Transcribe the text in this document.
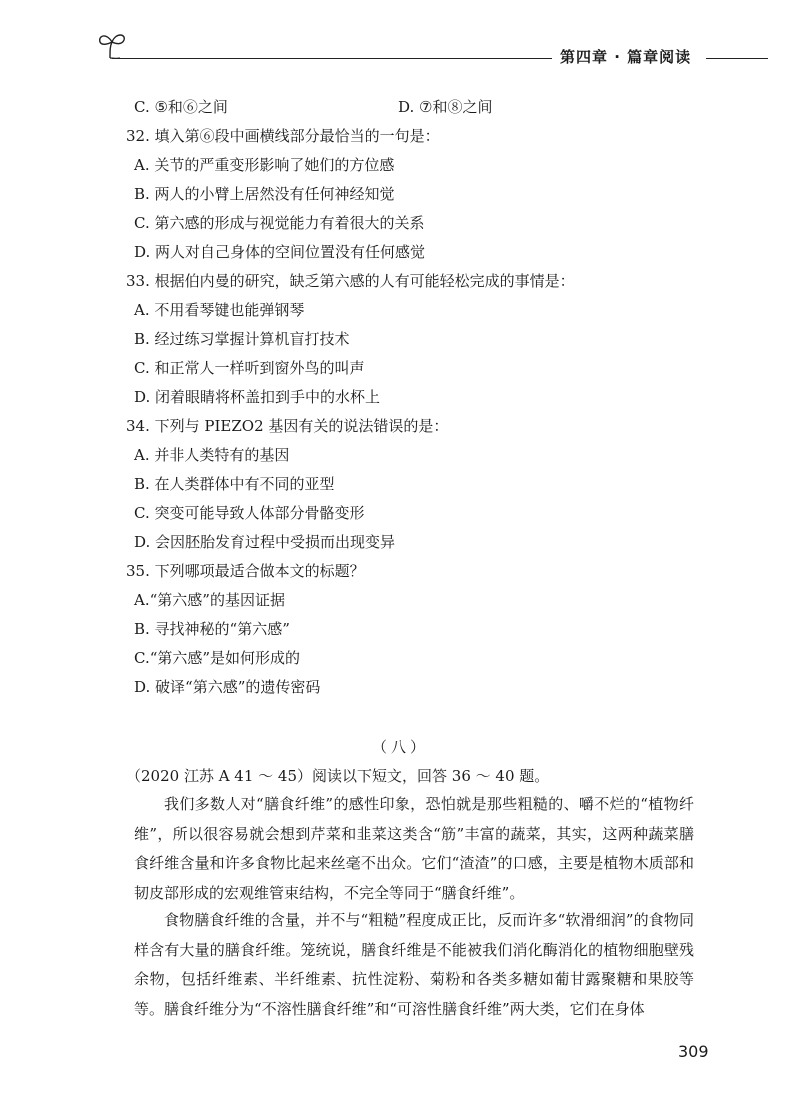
第四章 · 篇章阅读
C. ⑤和⑥之间	D. ⑦和⑧之间
32. 填入第⑥段中画横线部分最恰当的一句是：
A. 关节的严重变形影响了她们的方位感
B. 两人的小臂上居然没有任何神经知觉
C. 第六感的形成与视觉能力有着很大的关系
D. 两人对自己身体的空间位置没有任何感觉
33. 根据伯内曼的研究，缺乏第六感的人有可能轻松完成的事情是：
A. 不用看琴键也能弹钢琴
B. 经过练习掌握计算机盲打技术
C. 和正常人一样听到窗外鸟的叫声
D. 闭着眼睛将杯盖扣到手中的水杯上
34. 下列与 PIEZO2 基因有关的说法错误的是：
A. 并非人类特有的基因
B. 在人类群体中有不同的亚型
C. 突变可能导致人体部分骨骼变形
D. 会因胚胎发育过程中受损而出现变异
35. 下列哪项最适合做本文的标题？
A.“第六感”的基因证据
B. 寻找神秘的“第六感”
C.“第六感”是如何形成的
D. 破译“第六感”的遗传密码
（八）
（2020 江苏 A 41 ～ 45）阅读以下短文，回答 36 ～ 40 题。
我们多数人对“膳食纤维”的感性印象，恐怕就是那些粗糙的、嚼不烂的“植物纤维”，所以很容易就会想到芹菜和韭菜这类含“筋”丰富的蔬菜，其实，这两种蔬菜膳食纤维含量和许多食物比起来丝毫不出众。它们“渣渣”的口感，主要是植物木质部和韧皮部形成的宏观维管束结构，不完全等同于“膳食纤维”。
食物膳食纤维的含量，并不与“粗糙”程度成正比，反而许多“软滑细润”的食物同样含有大量的膳食纤维。笼统说，膳食纤维是不能被我们消化酶消化的植物细胞壁残余物，包括纤维素、半纤维素、抗性淀粉、菊粉和各类多糖如葡甘露聚糖和果胶等等。膳食纤维分为“不溶性膳食纤维”和“可溶性膳食纤维”两大类，它们在身体
309
